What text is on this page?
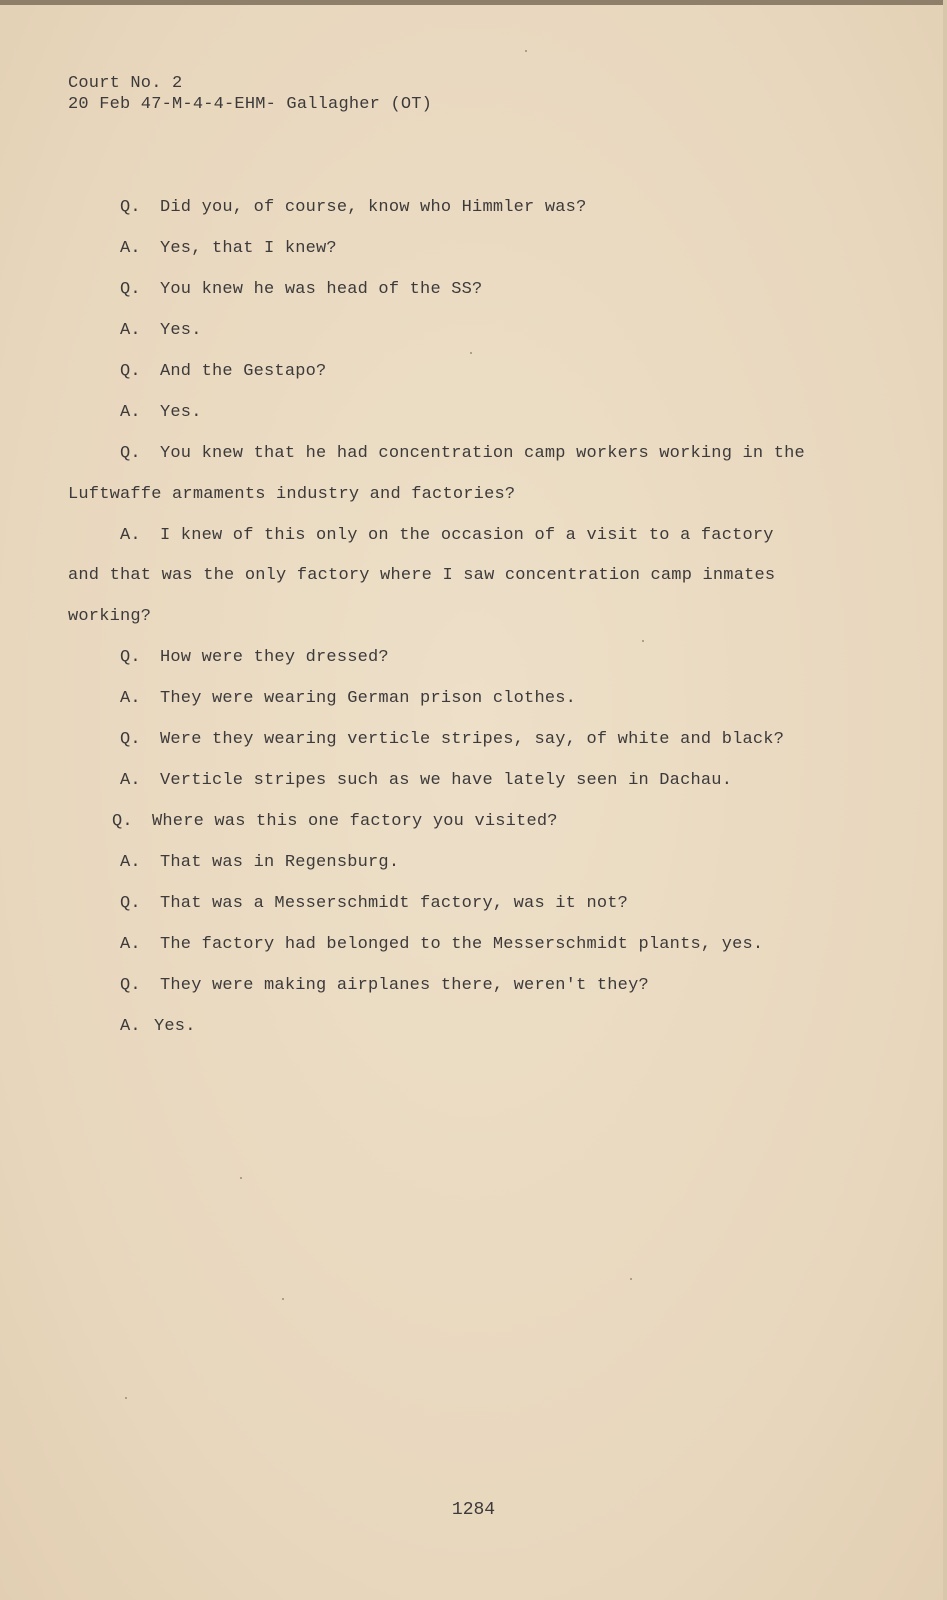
Court No. 2
20 Feb 47-M-4-4-EHM- Gallagher (OT)
Q. Did you, of course, know who Himmler was?
A. Yes, that I knew?
Q. You knew he was head of the SS?
A. Yes.
Q. And the Gestapo?
A. Yes.
Q. You knew that he had concentration camp workers working in the
Luftwaffe armaments industry and factories?
A. I knew of this only on the occasion of a visit to a factory
and that was the only factory where I saw concentration camp inmates
working?
Q. How were they dressed?
A. They were wearing German prison clothes.
Q. Were they wearing verticle stripes, say, of white and black?
A. Verticle stripes such as we have lately seen in Dachau.
Q. Where was this one factory you visited?
A. That was in Regensburg.
Q. That was a Messerschmidt factory, was it not?
A. The factory had belonged to the Messerschmidt plants, yes.
Q. They were making airplanes there, weren't they?
A. Yes.
1284
